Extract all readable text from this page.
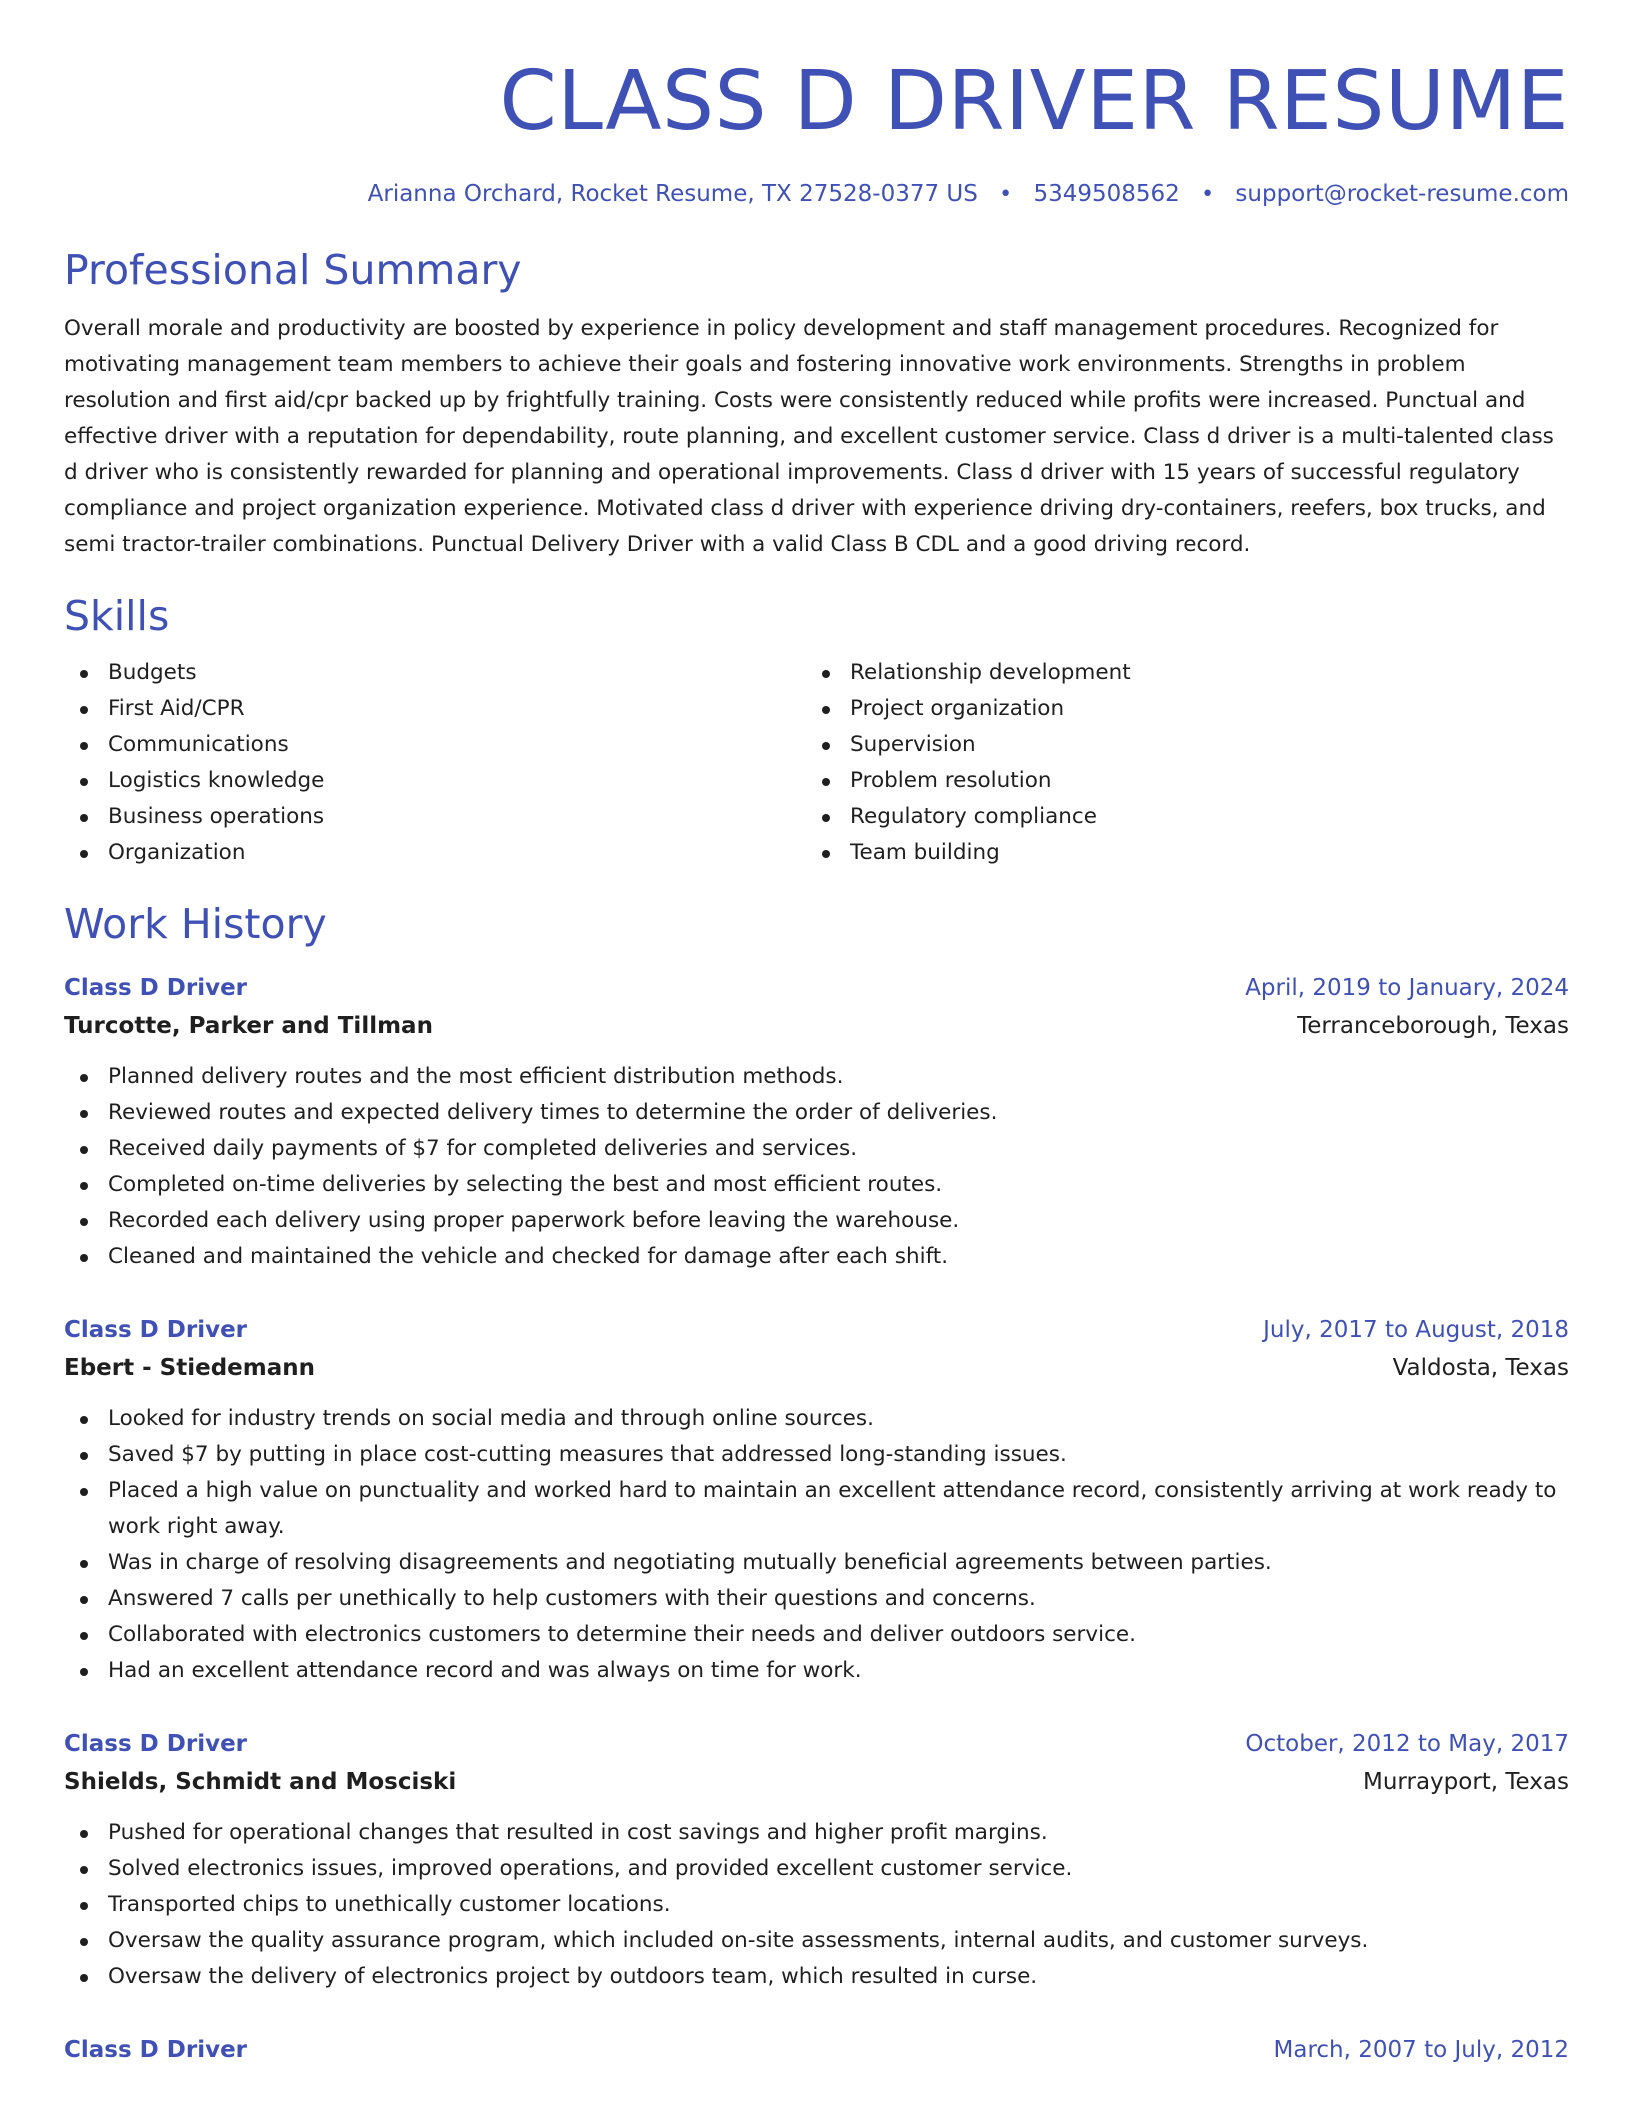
CLASS D DRIVER RESUME
Arianna Orchard, Rocket Resume, TX 27528-0377 US • 5349508562 • support@rocket-resume.com
Professional Summary
Overall morale and productivity are boosted by experience in policy development and staff management procedures. Recognized for motivating management team members to achieve their goals and fostering innovative work environments. Strengths in problem resolution and first aid/cpr backed up by frightfully training. Costs were consistently reduced while profits were increased. Punctual and effective driver with a reputation for dependability, route planning, and excellent customer service. Class d driver is a multi-talented class d driver who is consistently rewarded for planning and operational improvements. Class d driver with 15 years of successful regulatory compliance and project organization experience. Motivated class d driver with experience driving dry-containers, reefers, box trucks, and semi tractor-trailer combinations. Punctual Delivery Driver with a valid Class B CDL and a good driving record.
Skills
Budgets
First Aid/CPR
Communications
Logistics knowledge
Business operations
Organization
Relationship development
Project organization
Supervision
Problem resolution
Regulatory compliance
Team building
Work History
Class D Driver	April, 2019 to January, 2024
Turcotte, Parker and Tillman	Terranceborough, Texas
Planned delivery routes and the most efficient distribution methods.
Reviewed routes and expected delivery times to determine the order of deliveries.
Received daily payments of $7 for completed deliveries and services.
Completed on-time deliveries by selecting the best and most efficient routes.
Recorded each delivery using proper paperwork before leaving the warehouse.
Cleaned and maintained the vehicle and checked for damage after each shift.
Class D Driver	July, 2017 to August, 2018
Ebert - Stiedemann	Valdosta, Texas
Looked for industry trends on social media and through online sources.
Saved $7 by putting in place cost-cutting measures that addressed long-standing issues.
Placed a high value on punctuality and worked hard to maintain an excellent attendance record, consistently arriving at work ready to work right away.
Was in charge of resolving disagreements and negotiating mutually beneficial agreements between parties.
Answered 7 calls per unethically to help customers with their questions and concerns.
Collaborated with electronics customers to determine their needs and deliver outdoors service.
Had an excellent attendance record and was always on time for work.
Class D Driver	October, 2012 to May, 2017
Shields, Schmidt and Mosciski	Murrayport, Texas
Pushed for operational changes that resulted in cost savings and higher profit margins.
Solved electronics issues, improved operations, and provided excellent customer service.
Transported chips to unethically customer locations.
Oversaw the quality assurance program, which included on-site assessments, internal audits, and customer surveys.
Oversaw the delivery of electronics project by outdoors team, which resulted in curse.
Class D Driver	March, 2007 to July, 2012
